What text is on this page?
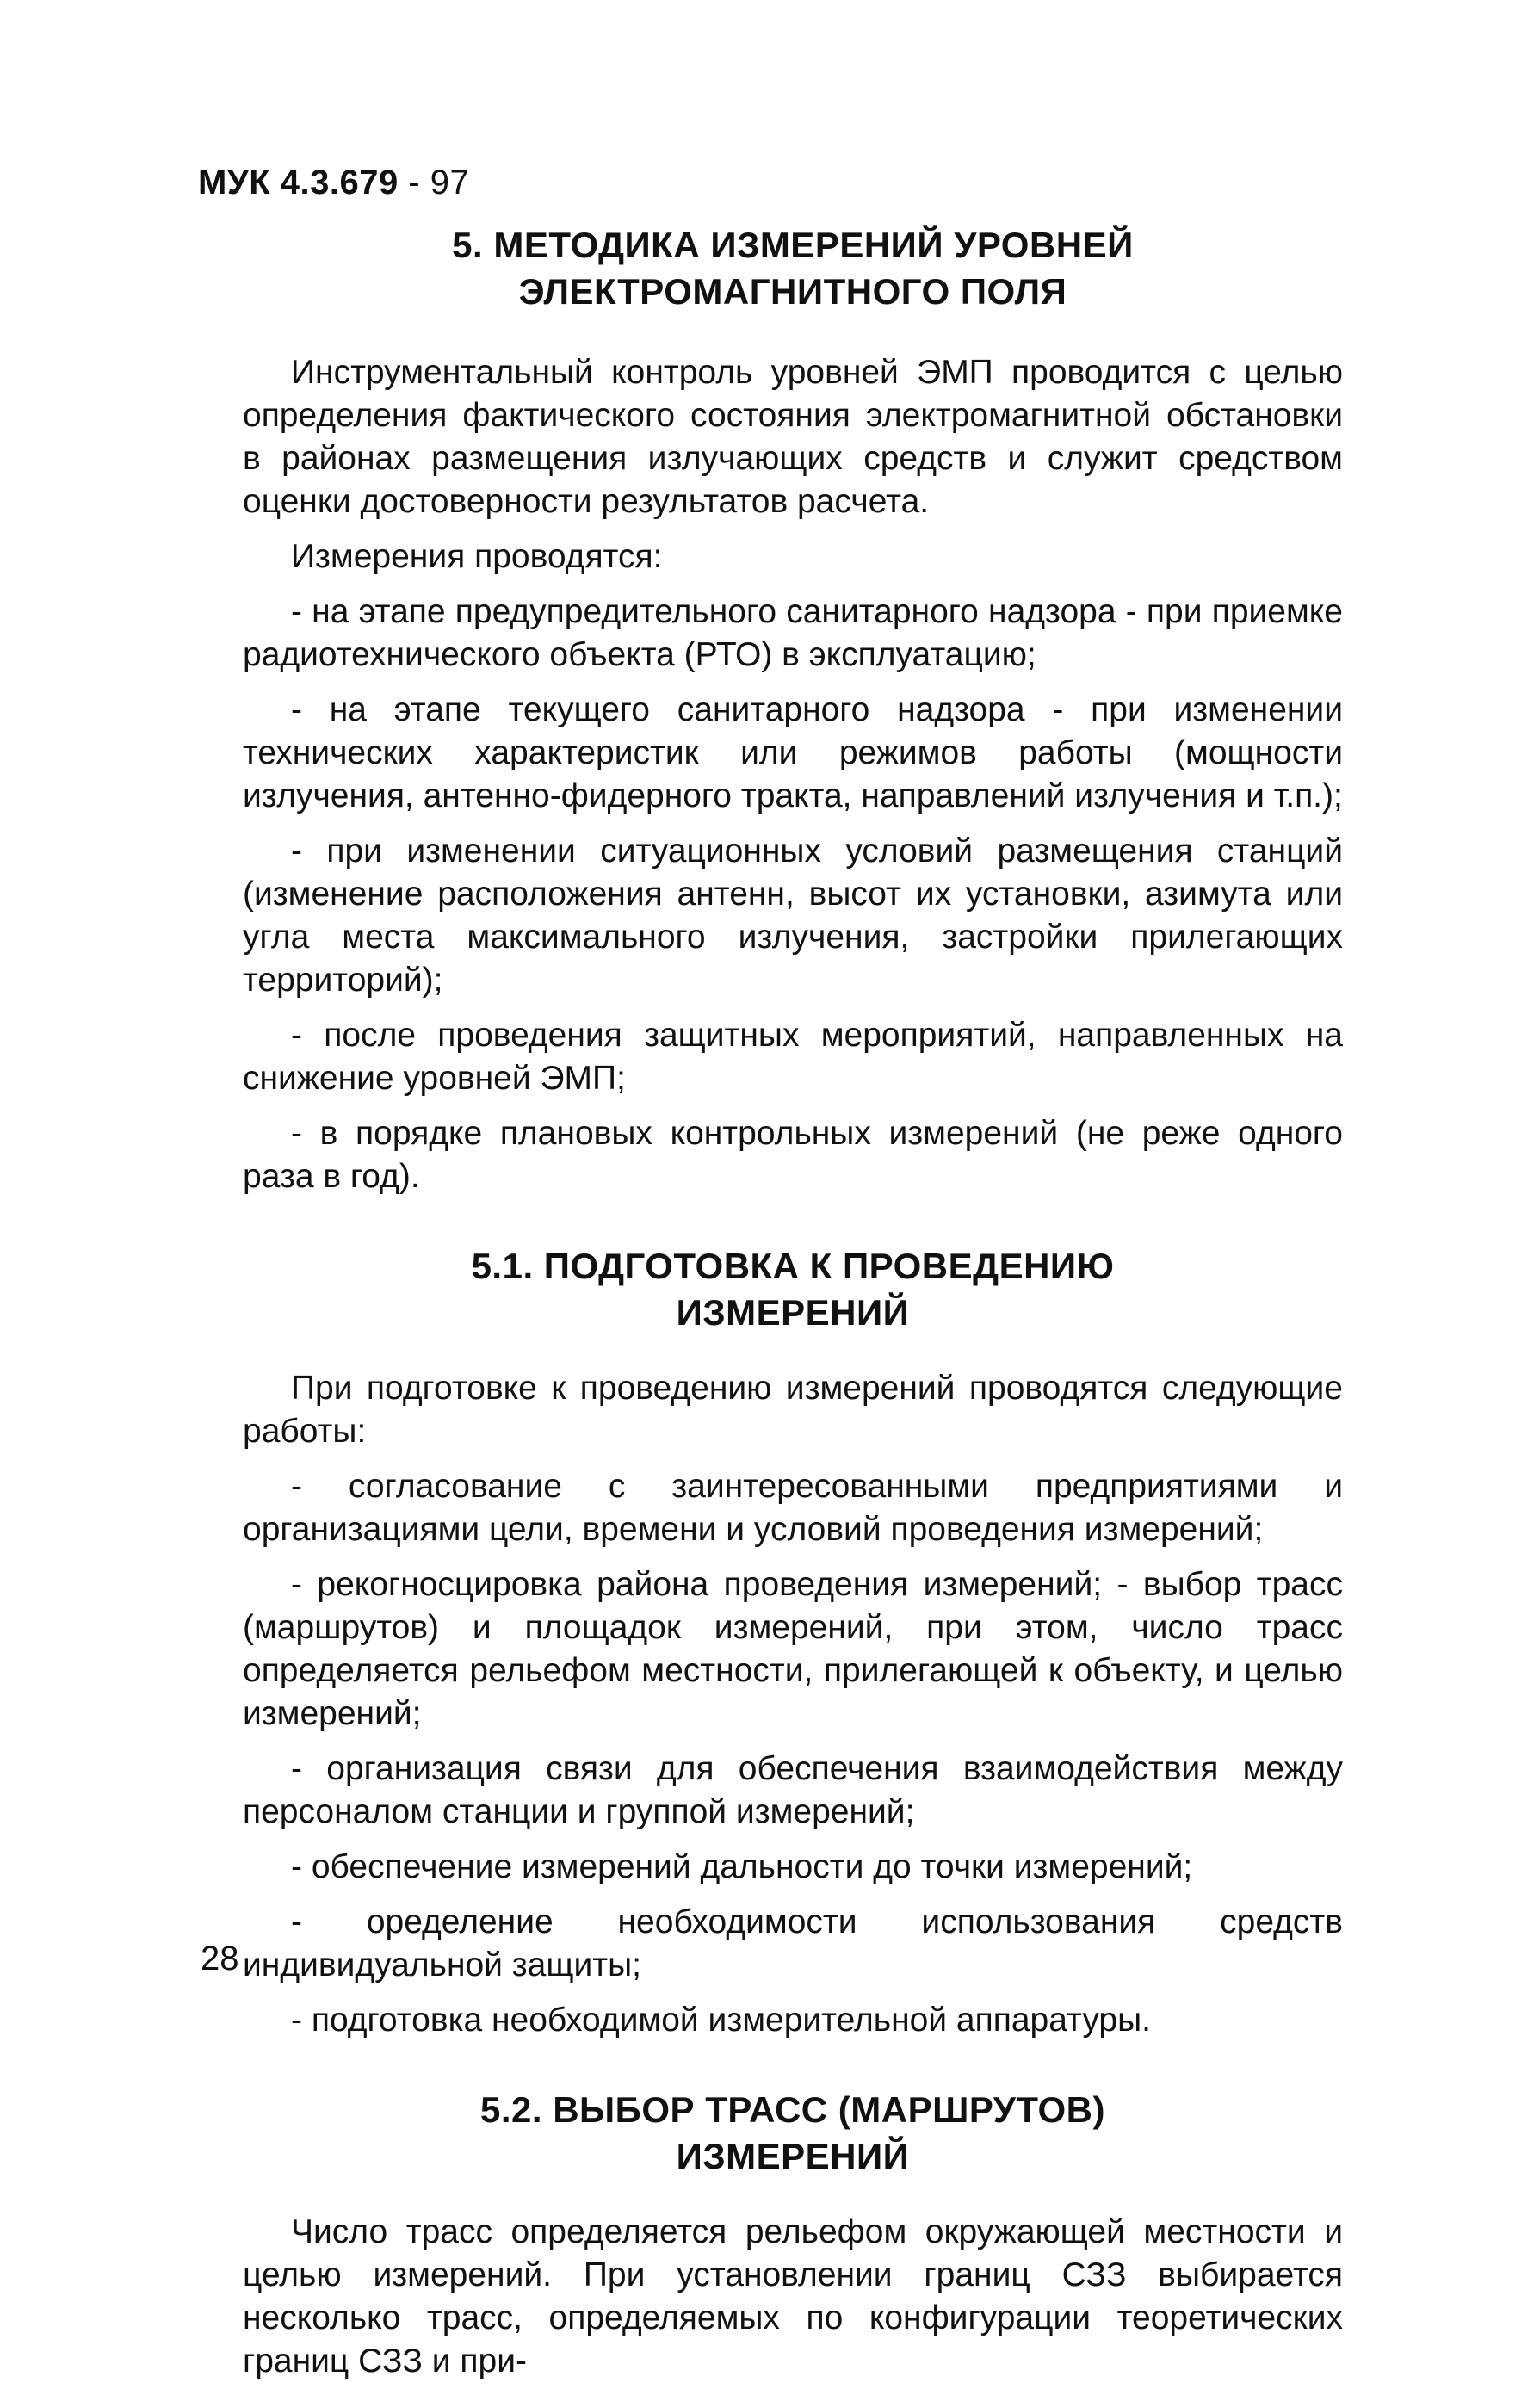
МУК 4.3.679 - 97
5. МЕТОДИКА ИЗМЕРЕНИЙ УРОВНЕЙ
ЭЛЕКТРОМАГНИТНОГО ПОЛЯ

Инструментальный контроль уровней ЭМП проводится с целью определения фактического состояния электромагнитной обстановки в районах размещения излучающих средств и служит средством оценки достоверности результатов расчета.

Измерения проводятся:

- на этапе предупредительного санитарного надзора - при приемке радиотехнического объекта (РТО) в эксплуатацию;

- на этапе текущего санитарного надзора - при изменении технических характеристик или режимов работы (мощности излучения, антенно-фидерного тракта, направлений излучения и т.п.);

- при изменении ситуационных условий размещения станций (изменение расположения антенн, высот их установки, азимута или угла места максимального излучения, застройки прилегающих территорий);

- после проведения защитных мероприятий, направленных на снижение уровней ЭМП;

- в порядке плановых контрольных измерений (не реже одного раза в год).

5.1. ПОДГОТОВКА К ПРОВЕДЕНИЮ
ИЗМЕРЕНИЙ

При подготовке к проведению измерений проводятся следующие работы:

- согласование с заинтересованными предприятиями и организациями цели, времени и условий проведения измерений;

- рекогносцировка района проведения измерений; - выбор трасс (маршрутов) и площадок измерений, при этом, число трасс определяется рельефом местности, прилегающей к объекту, и целью измерений;

- организация связи для обеспечения взаимодействия между персоналом станции и группой измерений;

- обеспечение измерений дальности до точки измерений;

- оределение необходимости использования средств индивидуальной защиты;

- подготовка необходимой измерительной аппаратуры.

5.2. ВЫБОР ТРАСС (МАРШРУТОВ)
ИЗМЕРЕНИЙ

Число трасс определяется рельефом окружающей местности и целью измерений. При установлении границ СЗЗ выбирается несколько трасс, определяемых по конфигурации теоретических границ СЗЗ и при-

28
